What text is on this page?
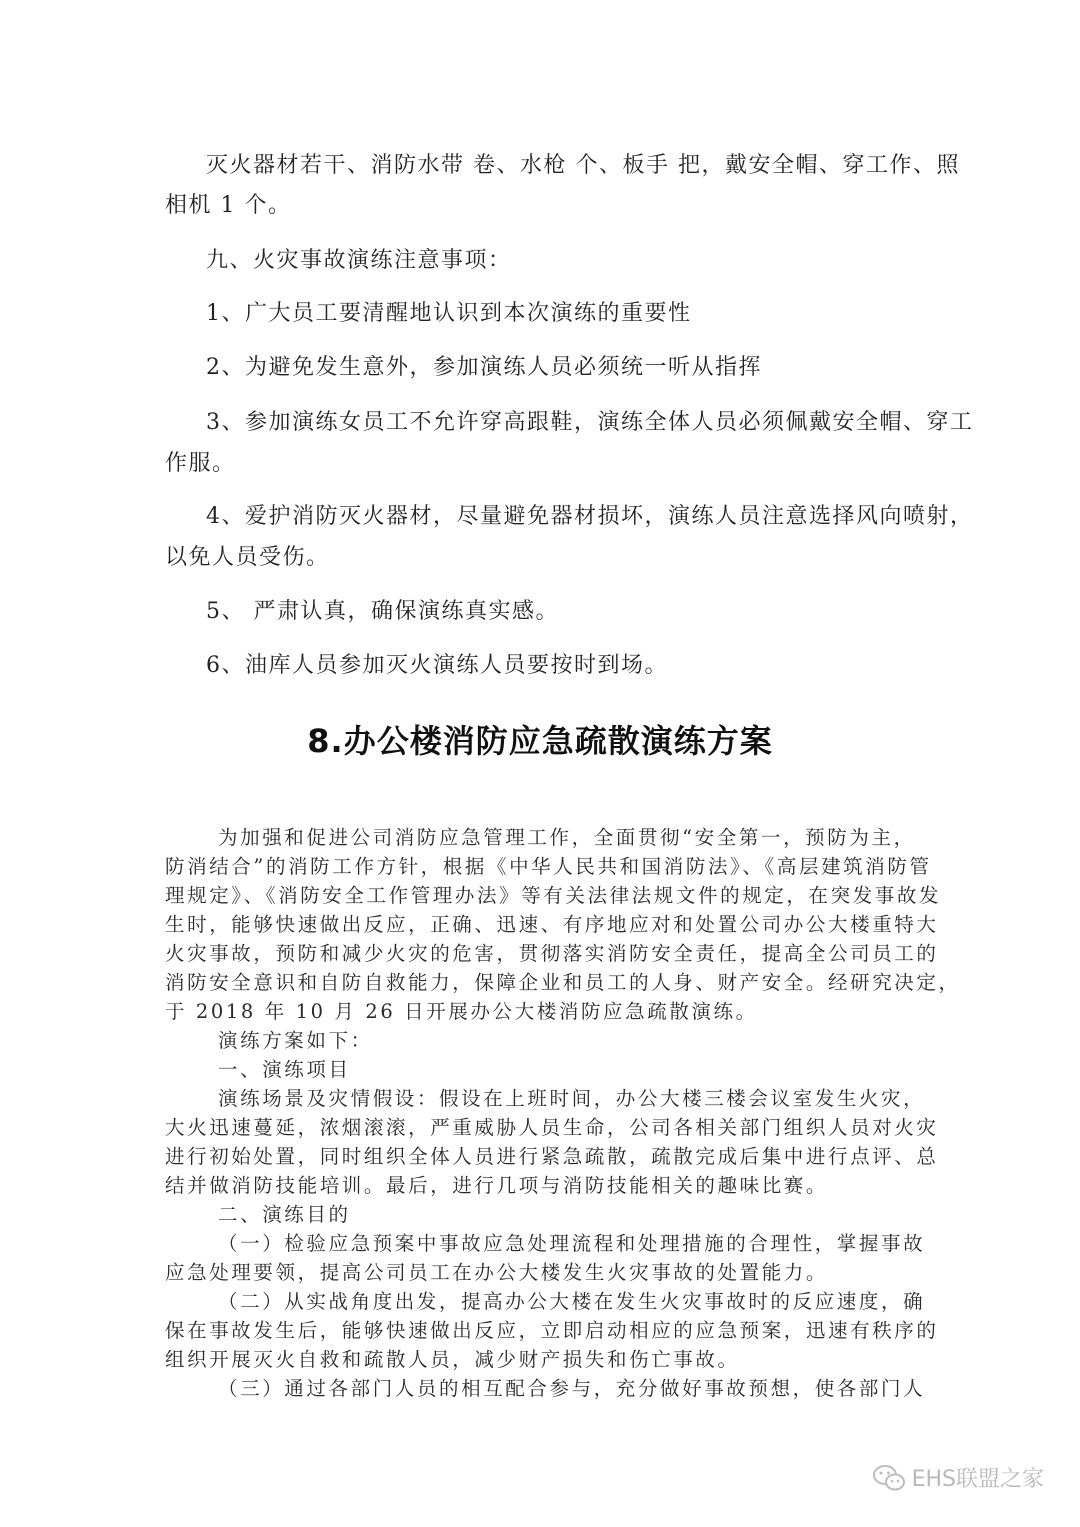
灭火器材若干、消防水带 卷、水枪 个、板手 把，戴安全帽、穿工作、照

相机 1 个。

九、火灾事故演练注意事项：

1、广大员工要清醒地认识到本次演练的重要性

2、为避免发生意外，参加演练人员必须统一听从指挥

3、参加演练女员工不允许穿高跟鞋，演练全体人员必须佩戴安全帽、穿工

作服。

4、爱护消防灭火器材，尽量避免器材损坏，演练人员注意选择风向喷射，

以免人员受伤。

5、 严肃认真，确保演练真实感。

6、油库人员参加灭火演练人员要按时到场。

8.办公楼消防应急疏散演练方案

为加强和促进公司消防应急管理工作，全面贯彻“安全第一，预防为主，

防消结合”的消防工作方针，根据《中华人民共和国消防法》、《高层建筑消防管

理规定》、《消防安全工作管理办法》等有关法律法规文件的规定，在突发事故发

生时，能够快速做出反应，正确、迅速、有序地应对和处置公司办公大楼重特大

火灾事故，预防和减少火灾的危害，贯彻落实消防安全责任，提高全公司员工的

消防安全意识和自防自救能力，保障企业和员工的人身、财产安全。经研究决定，

于 2018 年 10 月 26 日开展办公大楼消防应急疏散演练。

演练方案如下：

一、演练项目

演练场景及灾情假设：假设在上班时间，办公大楼三楼会议室发生火灾，

大火迅速蔓延，浓烟滚滚，严重威胁人员生命，公司各相关部门组织人员对火灾

进行初始处置，同时组织全体人员进行紧急疏散，疏散完成后集中进行点评、总

结并做消防技能培训。最后，进行几项与消防技能相关的趣味比赛。

二、演练目的

（一）检验应急预案中事故应急处理流程和处理措施的合理性，掌握事故

应急处理要领，提高公司员工在办公大楼发生火灾事故的处置能力。

（二）从实战角度出发，提高办公大楼在发生火灾事故时的反应速度，确

保在事故发生后，能够快速做出反应，立即启动相应的应急预案，迅速有秩序的

组织开展灭火自救和疏散人员，减少财产损失和伤亡事故。

（三）通过各部门人员的相互配合参与，充分做好事故预想，使各部门人

EHS联盟之家
